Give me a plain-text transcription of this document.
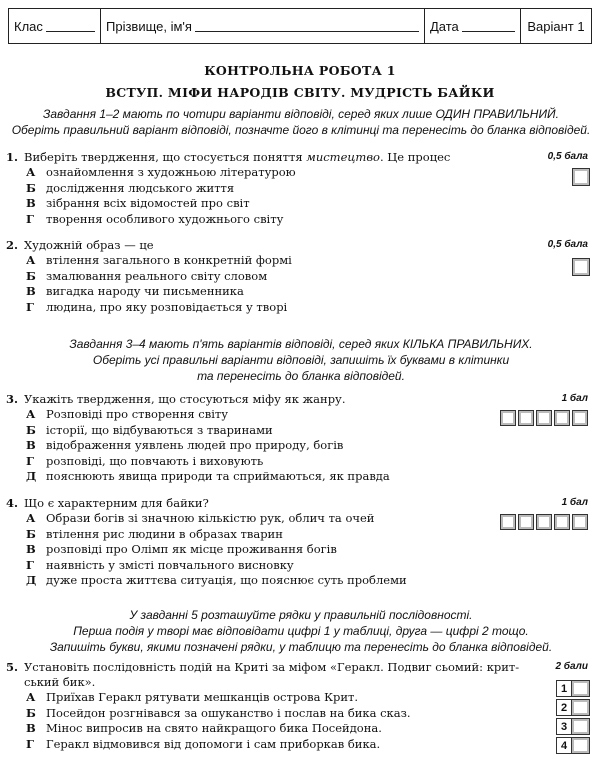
Клас	Прізвище, ім'я	Дата	Варіант 1
КОНТРОЛЬНА РОБОТА 1
ВСТУП. МІФИ НАРОДІВ СВІТУ. МУДРІСТЬ БАЙКИ
Завдання 1–2 мають по чотири варіанти відповіді, серед яких лише ОДИН ПРАВИЛЬНИЙ.
Оберіть правильний варіант відповіді, позначте його в клітинці та перенесіть до бланка відповідей.
1. Виберіть твердження, що стосується поняття мистецтво. Це процес	0,5 бала
А ознайомлення з художньою літературою
Б дослідження людського життя
В зібрання всіх відомостей про світ
Г	творення особливого художнього світу
2. Художній образ — це	0,5 бала
А втілення загального в конкретній формі
Б змалювання реального світу словом
В вигадка народу чи письменника
Г	людина, про яку розповідається у творі
Завдання 3–4 мають п'ять варіантів відповіді, серед яких КІЛЬКА ПРАВИЛЬНИХ.
Оберіть усі правильні варіанти відповіді, запишіть їх буквами в клітинки
та перенесіть до бланка відповідей.
3. Укажіть твердження, що стосуються міфу як жанру.	1 бал
А Розповіді про створення світу
Б історії, що відбуваються з тваринами
В відображення уявлень людей про природу, богів
Г	розповіді, що повчають і виховують
Д пояснюють явища природи та сприймаються, як правда
4. Що є характерним для байки?	1 бал
А Образи богів зі значною кількістю рук, облич та очей
Б втілення рис людини в образах тварин
В розповіді про Олімп як місце проживання богів
Г	наявність у змісті повчального висновку
Д дуже проста життєва ситуація, що пояснює суть проблеми
У завданні 5 розташуйте рядки у правильній послідовності.
Перша подія у творі має відповідати цифрі 1 у таблиці, друга — цифрі 2 тощо.
Запишіть букви, якими позначені рядки, у таблицю та перенесіть до бланка відповідей.
5. Установіть послідовність подій на Криті за міфом «Геракл. Подвиг сьомий: крит-	2 бали
ський бик».
А Приїхав Геракл рятувати мешканців острова Крит.
Б Посейдон розгнівався за ошуканство і послав на бика сказ.
В Мінос випросив на свято найкращого бика Посейдона.
Г	Геракл відмовився від допомоги і сам приборкав бика.
1
2
3
4
